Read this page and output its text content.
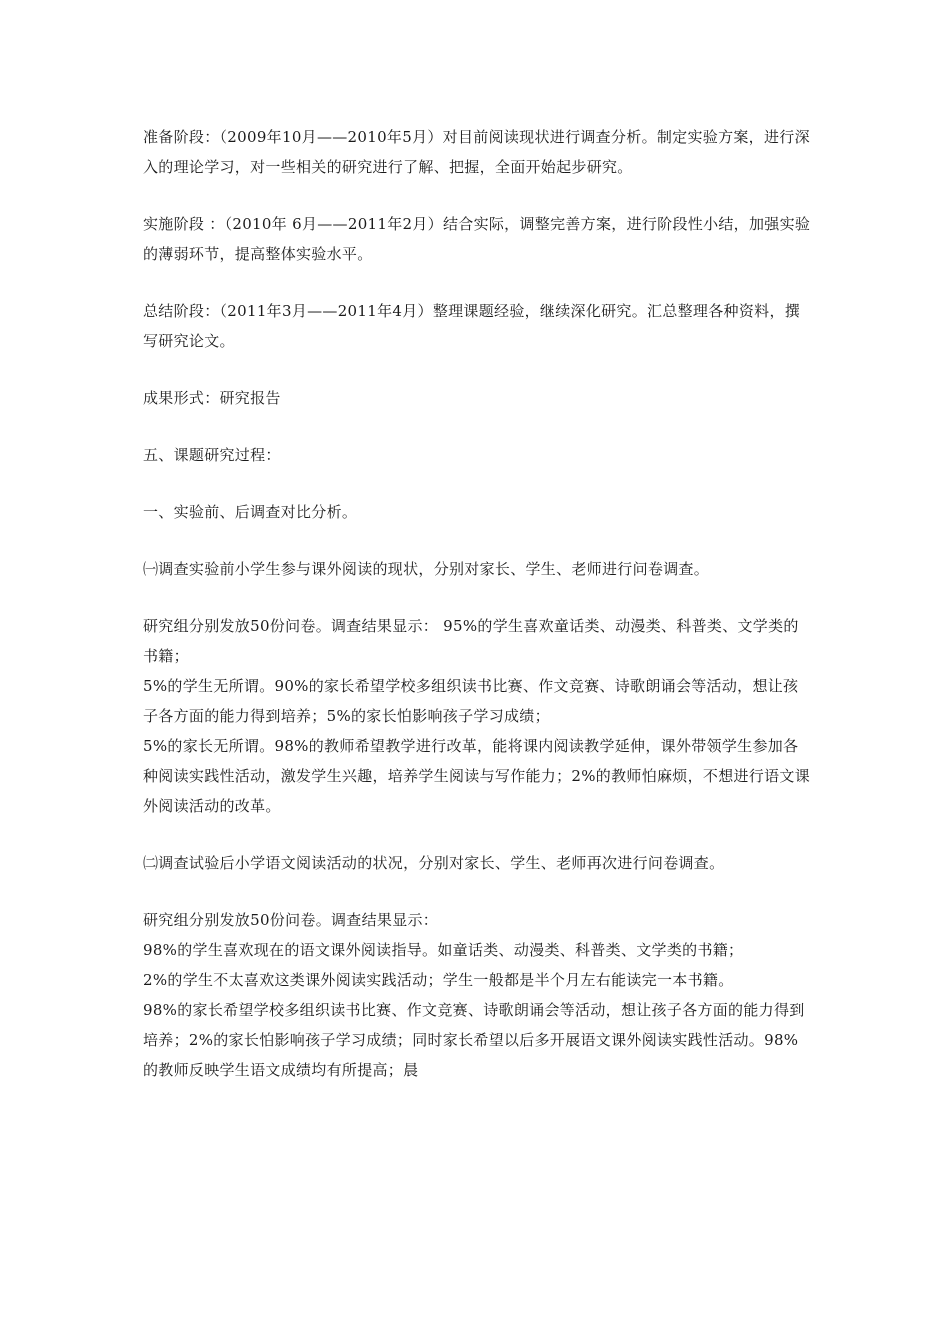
准备阶段：（2009年10月——2010年5月）对目前阅读现状进行调查分析。制定实验方案，进行深入的理论学习，对一些相关的研究进行了解、把握，全面开始起步研究。

实施阶段 ：（2010年 6月——2011年2月）结合实际，调整完善方案，进行阶段性小结，加强实验的薄弱环节，提高整体实验水平。

总结阶段：（2011年3月——2011年4月）整理课题经验，继续深化研究。汇总整理各种资料，撰写研究论文。

成果形式：研究报告

五、课题研究过程：

一、实验前、后调查对比分析。

㈠调查实验前小学生参与课外阅读的现状，分别对家长、学生、老师进行问卷调查。

研究组分别发放50份问卷。调查结果显示： 95%的学生喜欢童话类、动漫类、科普类、文学类的书籍；

5%的学生无所谓。90%的家长希望学校多组织读书比赛、作文竞赛、诗歌朗诵会等活动，想让孩子各方面的能力得到培养；5%的家长怕影响孩子学习成绩；

5%的家长无所谓。98%的教师希望教学进行改革，能将课内阅读教学延伸，课外带领学生参加各种阅读实践性活动，激发学生兴趣，培养学生阅读与写作能力；2%的教师怕麻烦，不想进行语文课外阅读活动的改革。

㈡调查试验后小学语文阅读活动的状况，分别对家长、学生、老师再次进行问卷调查。

研究组分别发放50份问卷。调查结果显示：

98%的学生喜欢现在的语文课外阅读指导。如童话类、动漫类、科普类、文学类的书籍；

2%的学生不太喜欢这类课外阅读实践活动；学生一般都是半个月左右能读完一本书籍。

98%的家长希望学校多组织读书比赛、作文竞赛、诗歌朗诵会等活动，想让孩子各方面的能力得到培养；2%的家长怕影响孩子学习成绩；同时家长希望以后多开展语文课外阅读实践性活动。98%的教师反映学生语文成绩均有所提高；晨
